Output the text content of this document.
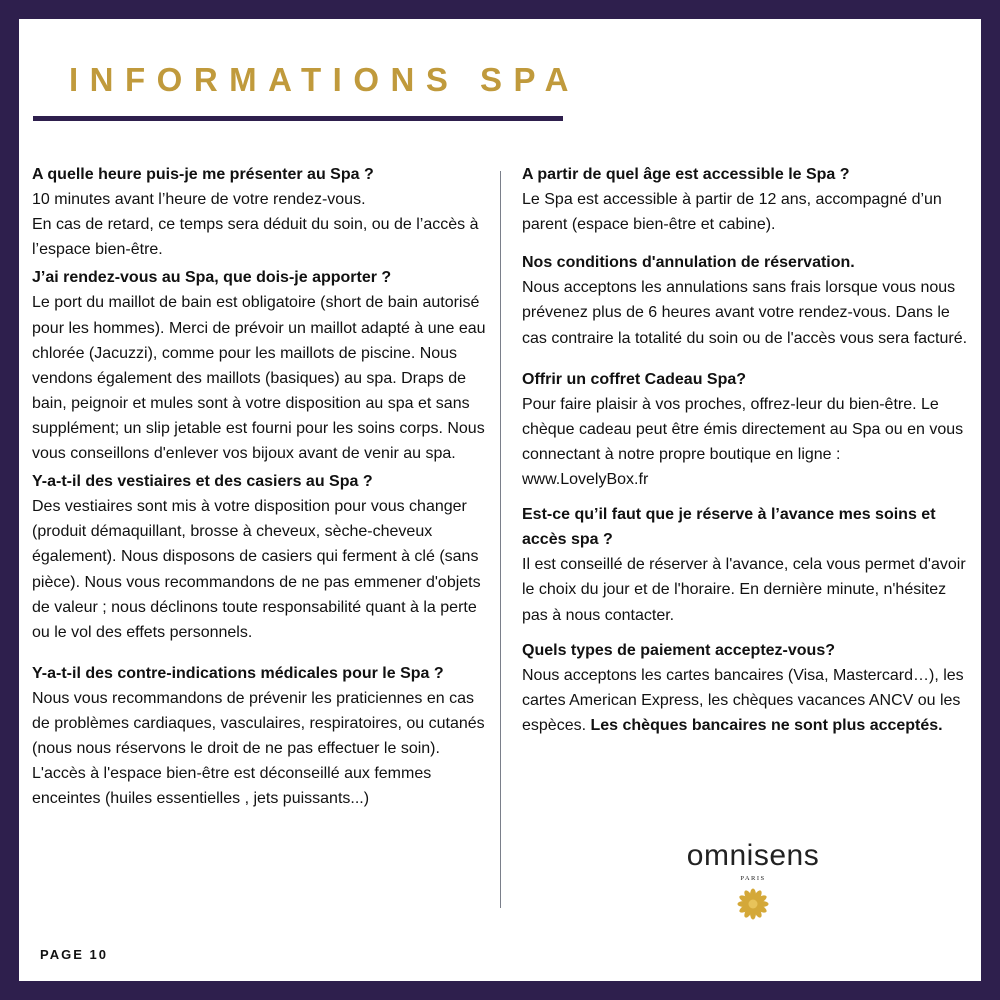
INFORMATIONS SPA
A quelle heure puis-je me présenter au Spa ?
10 minutes avant l’heure de votre rendez-vous.
En cas de retard, ce temps sera déduit du soin, ou de l’accès à l’espace bien-être.
J’ai rendez-vous au Spa, que dois-je apporter ?
Le port du maillot de bain est obligatoire (short de bain autorisé pour les hommes). Merci de prévoir un maillot adapté à une eau chlorée (Jacuzzi), comme pour les maillots de piscine. Nous vendons également des maillots (basiques) au spa. Draps de bain, peignoir et mules sont à votre disposition au spa et sans supplément; un slip jetable est fourni pour les soins corps. Nous vous conseillons d'enlever vos bijoux avant de venir au spa.
Y-a-t-il des vestiaires et des casiers au Spa ?
Des vestiaires sont mis à votre disposition pour vous changer (produit démaquillant, brosse à cheveux, sèche-cheveux également). Nous disposons de casiers qui ferment à clé (sans pièce). Nous vous recommandons de ne pas emmener d'objets de valeur ; nous déclinons toute responsabilité quant à la perte ou le vol des effets personnels.
Y-a-t-il des contre-indications médicales pour le Spa ?
Nous vous recommandons de prévenir les praticiennes en cas de problèmes cardiaques, vasculaires, respiratoires, ou cutanés (nous nous réservons le droit de ne pas effectuer le soin). L'accès à l'espace bien-être est déconseillé aux femmes enceintes (huiles essentielles , jets puissants...)
A partir de quel âge est accessible le Spa ?
Le Spa est accessible à partir de 12 ans, accompagné d’un parent (espace bien-être et cabine).
Nos conditions d'annulation de réservation.
Nous acceptons les annulations sans frais lorsque vous nous prévenez plus de 6 heures avant votre rendez-vous. Dans le cas contraire la totalité du soin ou de l'accès vous sera facturé.
Offrir un coffret Cadeau Spa?
Pour faire plaisir à vos proches, offrez-leur du bien-être. Le chèque cadeau peut être émis directement au Spa ou en vous connectant à notre propre boutique en ligne : www.LovelyBox.fr
Est-ce qu’il faut que je réserve à l’avance mes soins et accès spa ?
Il est conseillé de réserver à l'avance, cela vous permet d'avoir le choix du jour et de l'horaire. En dernière minute, n'hésitez pas à nous contacter.
Quels types de paiement acceptez-vous?
Nous acceptons les cartes bancaires (Visa, Mastercard…), les cartes American Express, les chèques vacances ANCV ou les espèces. Les chèques bancaires ne sont plus acceptés.
omnisens
PARIS
PAGE 10
